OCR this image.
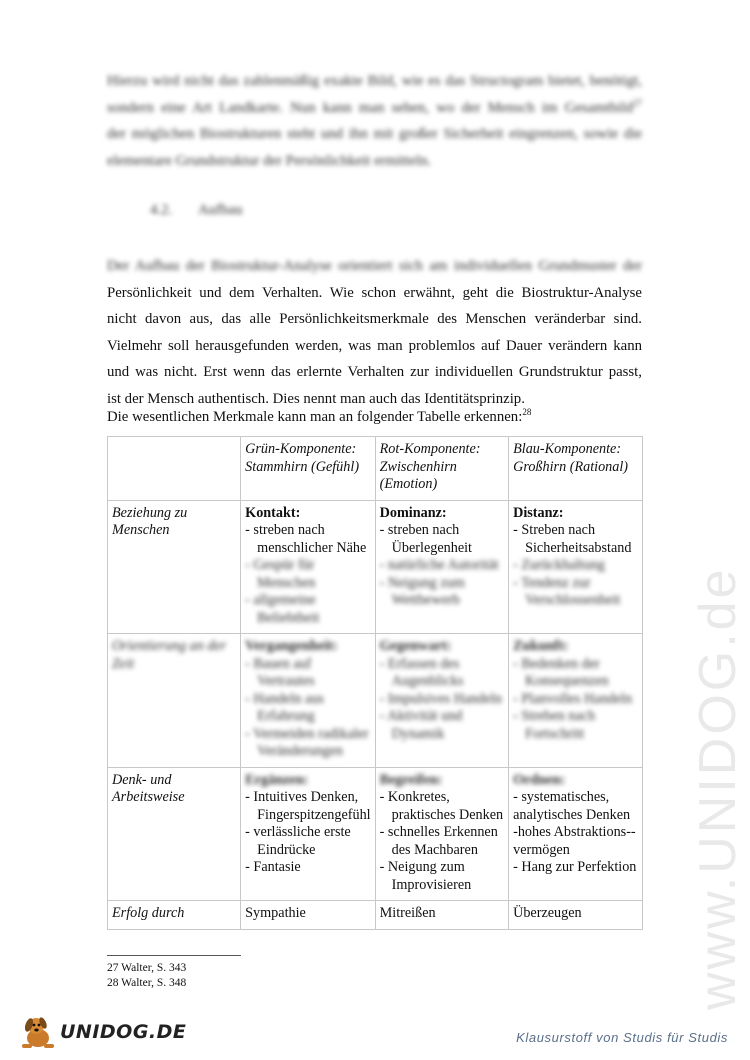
Hierzu wird nicht das zahlenmäßig exakte Bild, wie es das Structogram bietet, benötigt,
sondern eine Art Landkarte. Nun kann man sehen, wo der Mensch im Gesamtbild$^{27}$
der möglichen Biostrukturen steht und ihn mit großer Sicherheit eingrenzen, sowie die
elementare Grundstruktur der Persönlichkeit ermitteln.
4.2. Aufbau
Der Aufbau der Biostruktur-Analyse orientiert sich am individuellen Grundmuster der
Persönlichkeit und dem Verhalten. Wie schon erwähnt, geht die Biostruktur-Analyse
nicht davon aus, das alle Persönlichkeitsmerkmale des Menschen veränderbar sind.
Vielmehr soll herausgefunden werden, was man problemlos auf Dauer verändern kann
und was nicht. Erst wenn das erlernte Verhalten zur individuellen Grundstruktur passt,
ist der Mensch authentisch. Dies nennt man auch das Identitätsprinzip.
Die wesentlichen Merkmale kann man an folgender Tabelle erkennen:$^{28}$
	Grün-Komponente: Stammhirn (Gefühl)	Rot-Komponente: Zwischenhirn (Emotion)	Blau-Komponente: Großhirn (Rational)
Beziehung zu Menschen	Kontakt:
- streben nach menschlicher Nähe
- Gespür für Menschen
- allgemeine Beliebtheit	Dominanz:
- streben nach Überlegenheit
- natürliche Autorität
- Neigung zum Wettbewerb	Distanz:
- Streben nach Sicherheitsabstand
- Zurückhaltung
- Tendenz zur Verschlossenheit

Orientierung an der Zeit	Vergangenheit:
- Bauen auf Vertrautes
- Handeln aus Erfahrung
- Vermeiden radikaler Veränderungen	Gegenwart:
- Erfassen des Augenblicks
- Impulsives Handeln
- Aktivität und Dynamik	Zukunft:
- Bedenken der Konsequenzen
- Planvolles Handeln
- Streben nach Fortschritt

Denk- und Arbeitsweise	Ergänzen:
- Intuitives Denken, Fingerspitzengefühl
- verlässliche erste Eindrücke
- Fantasie	Begreifen:
- Konkretes, praktisches Denken
- schnelles Erkennen des Machbaren
- Neigung zum Improvisieren	Ordnen:
- systematisches, analytisches Denken
-hohes Abstraktions--vermögen
- Hang zur Perfektion

Erfolg durch	Sympathie	Mitreißen	Überzeugen
27 Walter, S. 343
28 Walter, S. 348	www.UNIDOG.de
UNIDOG.DE	Klausurstoff von Studis für Studis
